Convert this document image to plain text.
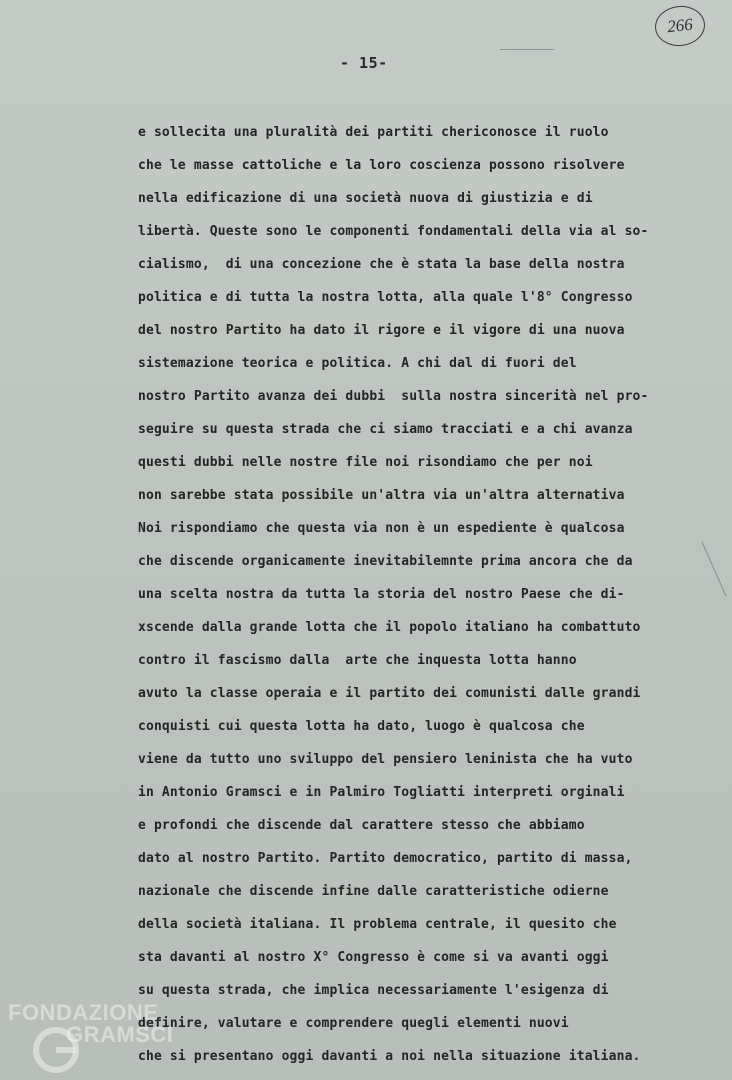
266
- 15-
e sollecita una pluralità dei partiti chericonosce il ruolo
che le masse cattoliche e la loro coscienza possono risolvere
nella edificazione di una società nuova di giustizia e di
libertà. Queste sono le componenti fondamentali della via al so-
cialismo,  di una concezione che è stata la base della nostra
politica e di tutta la nostra lotta, alla quale l'8° Congresso
del nostro Partito ha dato il rigore e il vigore di una nuova
sistemazione teorica e politica. A chi dal di fuori del
nostro Partito avanza dei dubbi  sulla nostra sincerità nel pro-
seguire su questa strada che ci siamo tracciati e a chi avanza
questi dubbi nelle nostre file noi risondiamo che per noi
non sarebbe stata possibile un'altra via un'altra alternativa
Noi rispondiamo che questa via non è un espediente è qualcosa
che discende organicamente inevitabilemnte prima ancora che da
una scelta nostra da tutta la storia del nostro Paese che di-
xscende dalla grande lotta che il popolo italiano ha combattuto
contro il fascismo dalla  arte che inquesta lotta hanno
avuto la classe operaia e il partito dei comunisti dalle grandi
conquisti cui questa lotta ha dato, luogo è qualcosa che
viene da tutto uno sviluppo del pensiero leninista che ha vuto
in Antonio Gramsci e in Palmiro Togliatti interpreti orginali
e profondi che discende dal carattere stesso che abbiamo
dato al nostro Partito. Partito democratico, partito di massa,
nazionale che discende infine dalle caratteristiche odierne
della società italiana. Il problema centrale, il quesito che
sta davanti al nostro X° Congresso è come si va avanti oggi
su questa strada, che implica necessariamente l'esigenza di
definire, valutare e comprendere quegli elementi nuovi
che si presentano oggi davanti a noi nella situazione italiana.
FONDAZIONE
GRAMSCI
